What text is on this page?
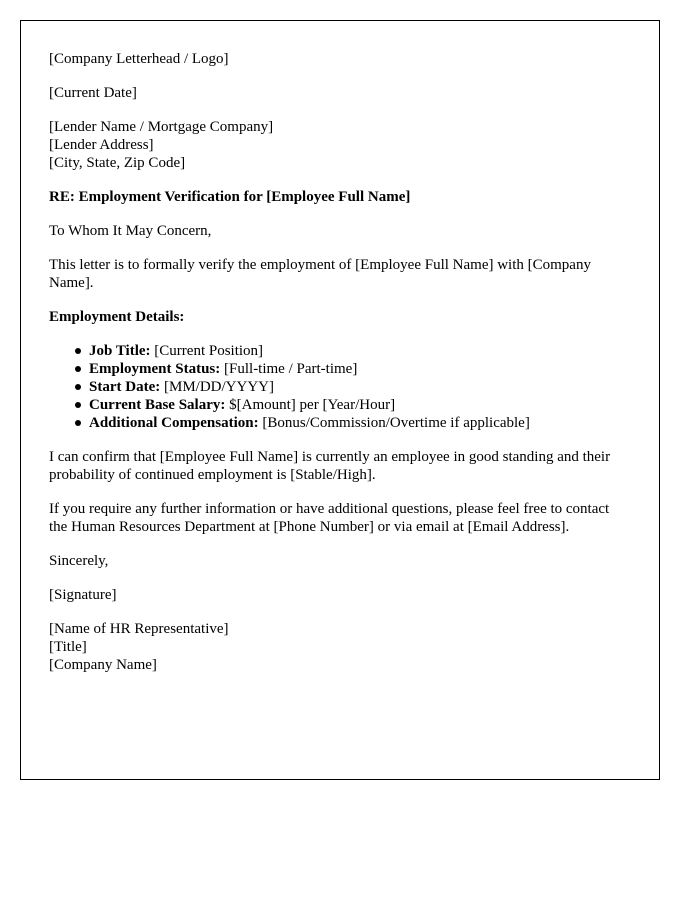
[Company Letterhead / Logo]
[Current Date]
[Lender Name / Mortgage Company]
[Lender Address]
[City, State, Zip Code]
RE: Employment Verification for [Employee Full Name]
To Whom It May Concern,
This letter is to formally verify the employment of [Employee Full Name] with [Company Name].
Employment Details:
Job Title: [Current Position]
Employment Status: [Full-time / Part-time]
Start Date: [MM/DD/YYYY]
Current Base Salary: $[Amount] per [Year/Hour]
Additional Compensation: [Bonus/Commission/Overtime if applicable]
I can confirm that [Employee Full Name] is currently an employee in good standing and their probability of continued employment is [Stable/High].
If you require any further information or have additional questions, please feel free to contact the Human Resources Department at [Phone Number] or via email at [Email Address].
Sincerely,
[Signature]
[Name of HR Representative]
[Title]
[Company Name]
